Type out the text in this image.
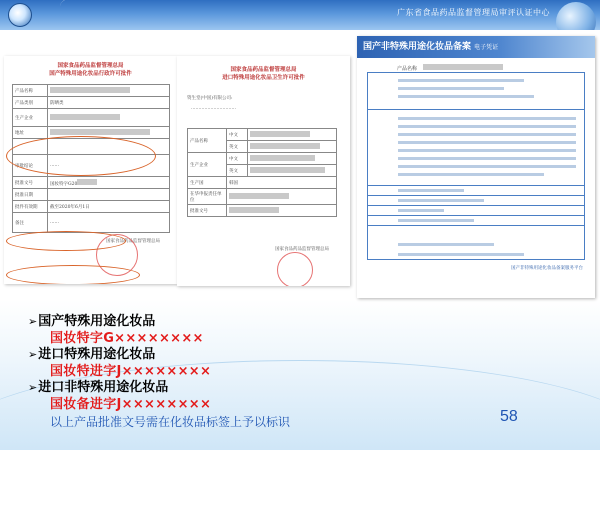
广东省食品药品监督管理局审评认证中心
国家食品药品监督管理总局
国产特殊用途化妆品行政许可批件
产品名称	
产品类别	防晒类
生产企业	
地址	

审批结论	……
批准文号	国妆特字G20
批准日期	
批件有效期	截至2020年6月1日
备注	……
国家食品药品监督管理总局
国家食品药品监督管理总局
进口特殊用途化妆品卫生许可批件
资生堂(中国)有限公司:
…………………………
产品名称	中文	
	英文	
生产企业	中文	
	英文	
生产国	韩国	
在华申报责任单位		
批准文号		
国家食品药品监督管理总局
国产非特殊用途化妆品备案 电子凭证
产品名称
国产非特殊用途化妆品备案服务平台
➢国产特殊用途化妆品
国妆特字G××××××××
➢进口特殊用途化妆品
国妆特进字J××××××××
➢进口非特殊用途化妆品
国妆备进字J××××××××
以上产品批准文号需在化妆品标签上予以标识	58
